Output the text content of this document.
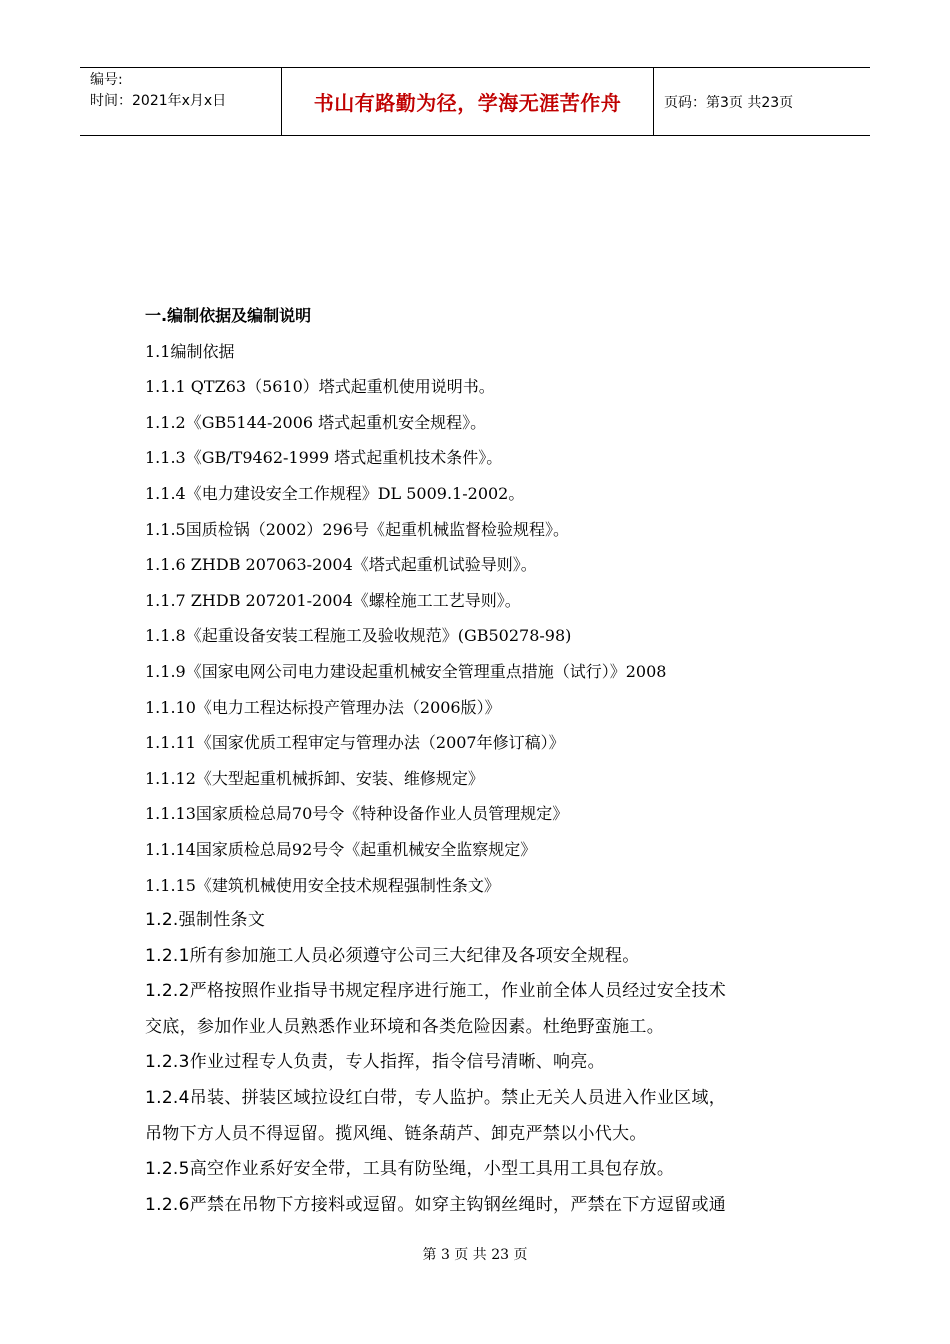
编号:
时间：2021年x月x日	书山有路勤为径，学海无涯苦作舟	页码：第3页 共23页
一.编制依据及编制说明
1.1编制依据
1.1.1 QTZ63（5610）塔式起重机使用说明书。
1.1.2《GB5144-2006 塔式起重机安全规程》。
1.1.3《GB/T9462-1999 塔式起重机技术条件》。
1.1.4《电力建设安全工作规程》DL 5009.1-2002。
1.1.5国质检锅（2002）296号《起重机械监督检验规程》。
1.1.6 ZHDB 207063-2004《塔式起重机试验导则》。
1.1.7 ZHDB 207201-2004《螺栓施工工艺导则》。
1.1.8《起重设备安装工程施工及验收规范》(GB50278-98)
1.1.9《国家电网公司电力建设起重机械安全管理重点措施（试行）》2008
1.1.10《电力工程达标投产管理办法（2006版）》
1.1.11《国家优质工程审定与管理办法（2007年修订稿）》
1.1.12《大型起重机械拆卸、安装、维修规定》
1.1.13国家质检总局70号令《特种设备作业人员管理规定》
1.1.14国家质检总局92号令《起重机械安全监察规定》
1.1.15《建筑机械使用安全技术规程强制性条文》
1.2.强制性条文
1.2.1所有参加施工人员必须遵守公司三大纪律及各项安全规程。
1.2.2严格按照作业指导书规定程序进行施工，作业前全体人员经过安全技术
交底，参加作业人员熟悉作业环境和各类危险因素。杜绝野蛮施工。
1.2.3作业过程专人负责，专人指挥，指令信号清晰、响亮。
1.2.4吊装、拼装区域拉设红白带，专人监护。禁止无关人员进入作业区域，
吊物下方人员不得逗留。揽风绳、链条葫芦、卸克严禁以小代大。
1.2.5高空作业系好安全带，工具有防坠绳，小型工具用工具包存放。
1.2.6严禁在吊物下方接料或逗留。如穿主钩钢丝绳时，严禁在下方逗留或通
第 3 页 共 23 页
